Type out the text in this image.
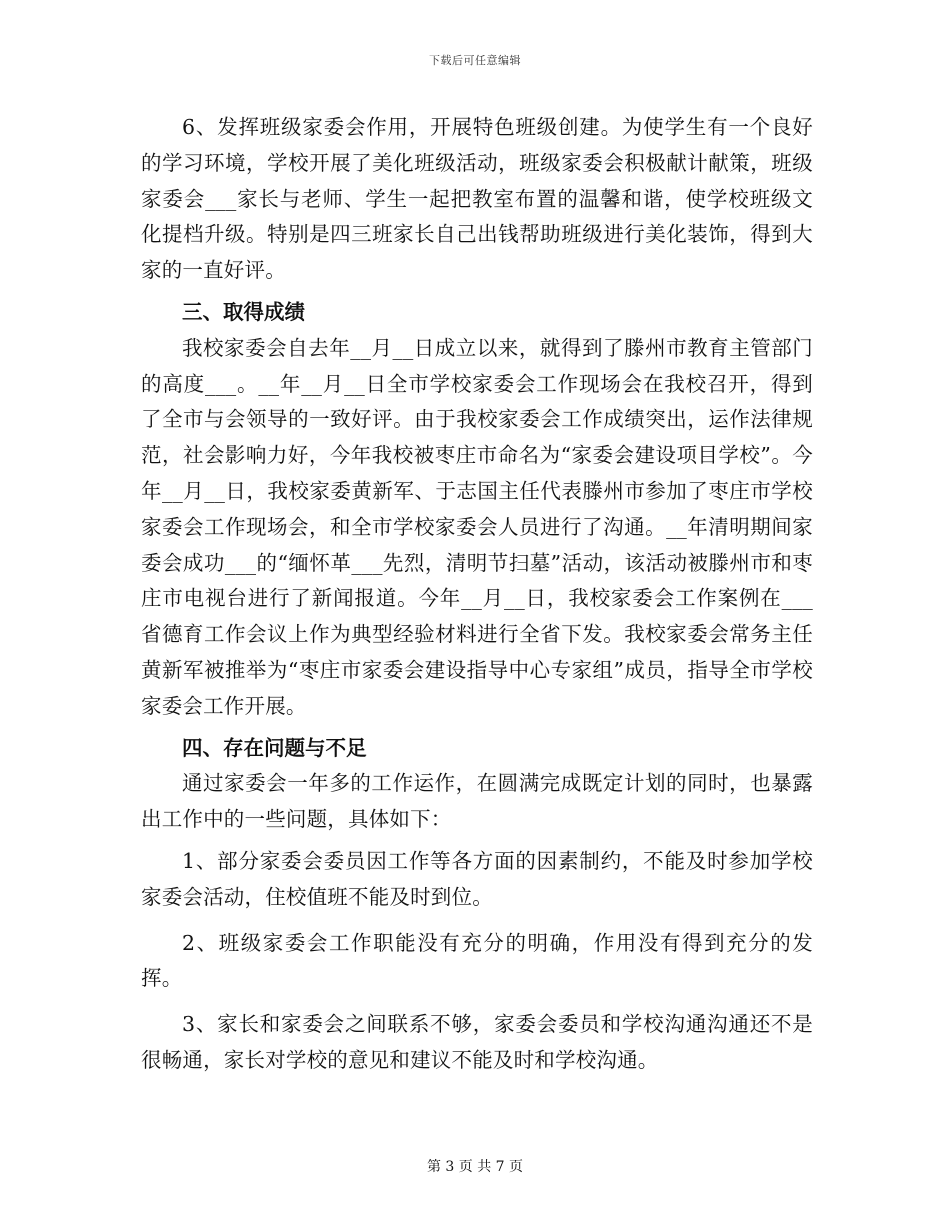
下载后可任意编辑

6、发挥班级家委会作用，开展特色班级创建。为使学生有一个良好的学习环境，学校开展了美化班级活动，班级家委会积极献计献策，班级家委会___家长与老师、学生一起把教室布置的温馨和谐，使学校班级文化提档升级。特别是四三班家长自己出钱帮助班级进行美化装饰，得到大家的一直好评。

三、取得成绩

我校家委会自去年__月__日成立以来，就得到了滕州市教育主管部门的高度___。__年__月__日全市学校家委会工作现场会在我校召开，得到了全市与会领导的一致好评。由于我校家委会工作成绩突出，运作法律规范，社会影响力好，今年我校被枣庄市命名为“家委会建设项目学校”。今年__月__日，我校家委黄新军、于志国主任代表滕州市参加了枣庄市学校家委会工作现场会，和全市学校家委会人员进行了沟通。__年清明期间家委会成功___的“缅怀革___先烈，清明节扫墓”活动，该活动被滕州市和枣庄市电视台进行了新闻报道。今年__月__日，我校家委会工作案例在___省德育工作会议上作为典型经验材料进行全省下发。我校家委会常务主任黄新军被推举为“枣庄市家委会建设指导中心专家组”成员，指导全市学校家委会工作开展。

四、存在问题与不足

通过家委会一年多的工作运作，在圆满完成既定计划的同时，也暴露出工作中的一些问题，具体如下：

1、部分家委会委员因工作等各方面的因素制约，不能及时参加学校家委会活动，住校值班不能及时到位。

2、班级家委会工作职能没有充分的明确，作用没有得到充分的发挥。

3、家长和家委会之间联系不够，家委会委员和学校沟通沟通还不是很畅通，家长对学校的意见和建议不能及时和学校沟通。

第 3 页 共 7 页
